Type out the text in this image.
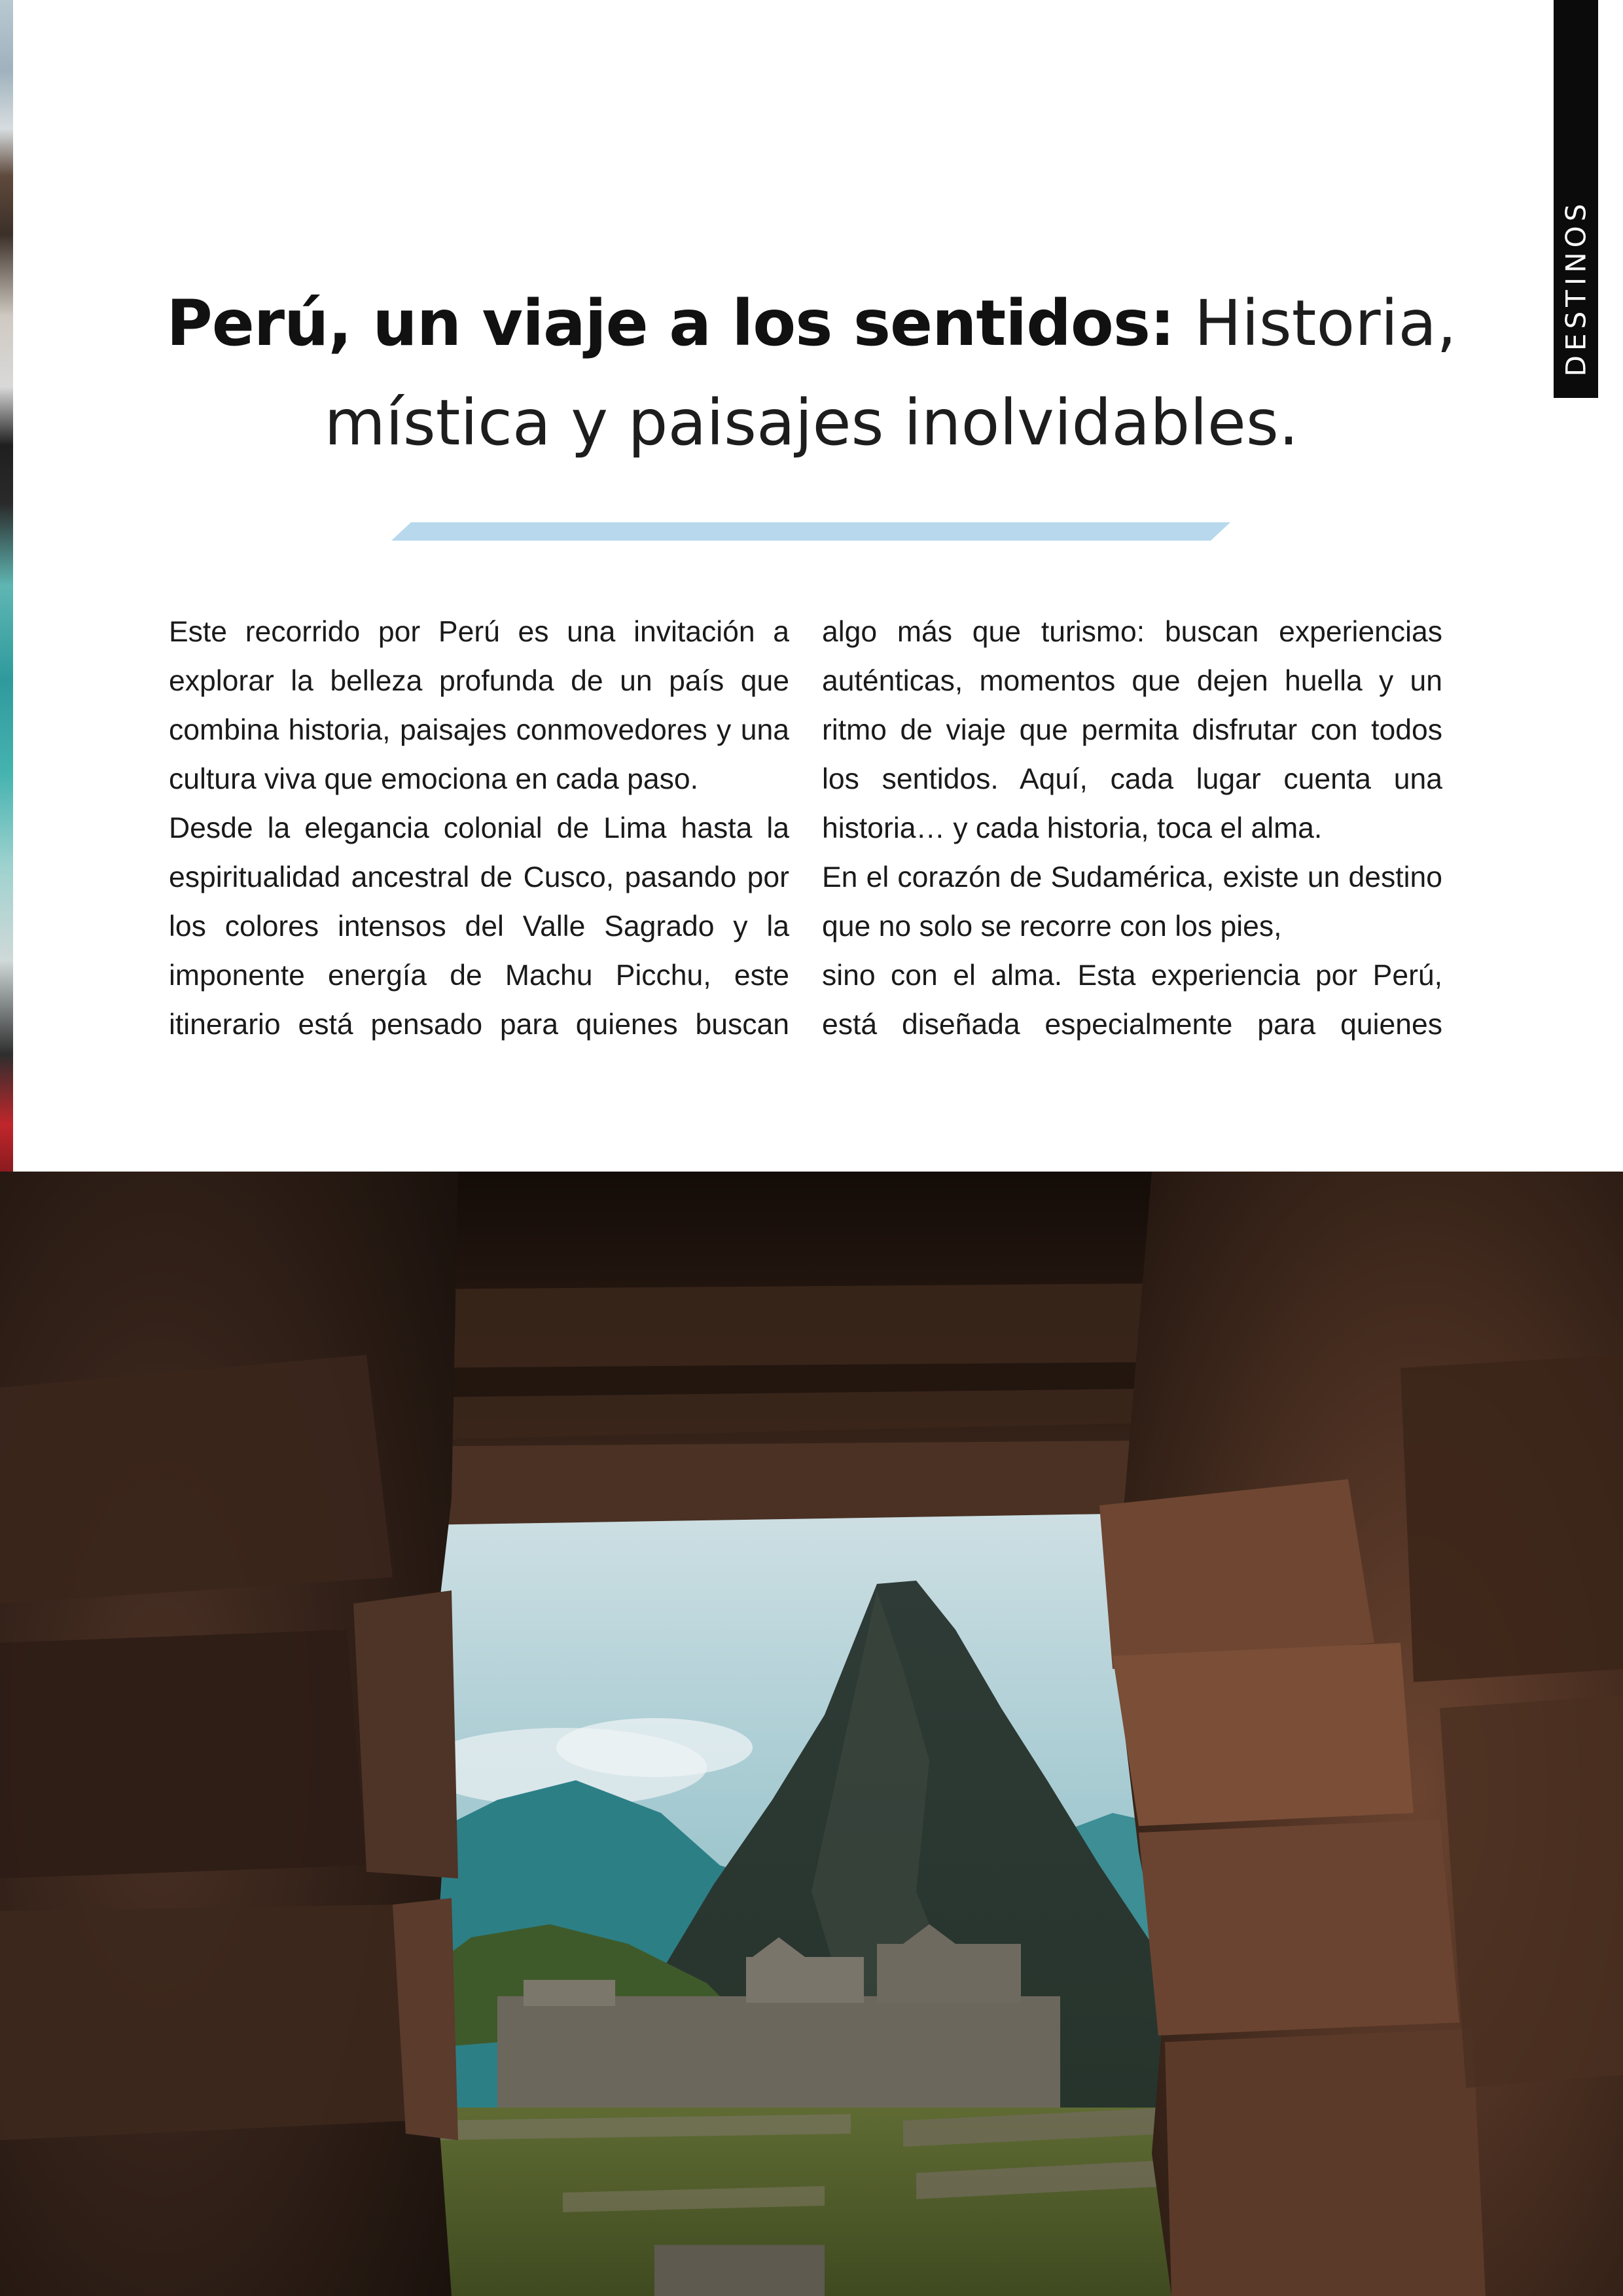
DESTINOS
Perú, un viaje a los sentidos: Historia,
mística y paisajes inolvidables.

Este recorrido por Perú es una invitación a explorar la belleza profunda de un país que combina historia, paisajes conmovedores y una cultura viva que emociona en cada paso.

Desde la elegancia colonial de Lima hasta la espiritualidad ancestral de Cusco, pasando por los colores intensos del Valle Sagrado y la imponente energía de Machu Picchu, este itinerario está pensado para quienes buscan

algo más que turismo: buscan experiencias auténticas, momentos que dejen huella y un ritmo de viaje que permita disfrutar con todos los sentidos. Aquí, cada lugar cuenta una historia… y cada historia, toca el alma.

En el corazón de Sudamérica, existe un destino que no solo se recorre con los pies,

sino con el alma. Esta experiencia por Perú, está diseñada especialmente para quienes
